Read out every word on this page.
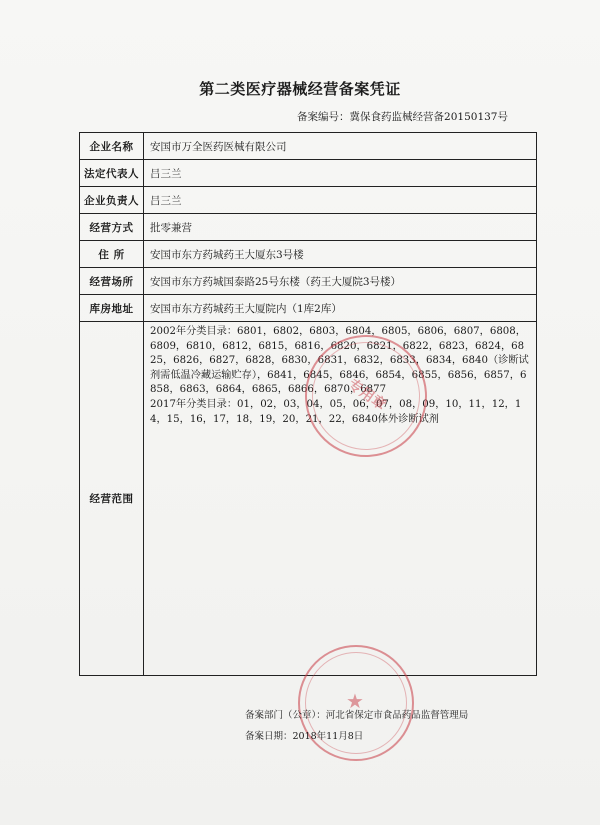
第二类医疗器械经营备案凭证
备案编号：冀保食药监械经营备20150137号
企业名称	安国市万全医药医械有限公司
法定代表人	吕三兰
企业负责人	吕三兰
经营方式	批零兼营
住 所	安国市东方药城药王大厦东3号楼
经营场所	安国市东方药城国泰路25号东楼（药王大厦院3号楼）
库房地址	安国市东方药城药王大厦院内（1库2库）
经营范围	2002年分类目录：6801，6802，6803，6804，6805，6806，6807，6808，6809，6810，6812，6815，6816，6820，6821，6822，6823，6824，6825，6826，6827，6828，6830，6831，6832，6833，6834，6840（诊断试剂需低温冷藏运输贮存），6841，6845，6846，6854，6855，6856，6857，6858，6863，6864，6865，6866，6870，6877
2017年分类目录：01，02，03，04，05，06，07，08，09，10，11，12，14，15，16，17，18，19，20，21，22，6840体外诊断试剂
专用章
★
备案部门（公章）：河北省保定市食品药品监督管理局
备案日期：2018年11月8日
